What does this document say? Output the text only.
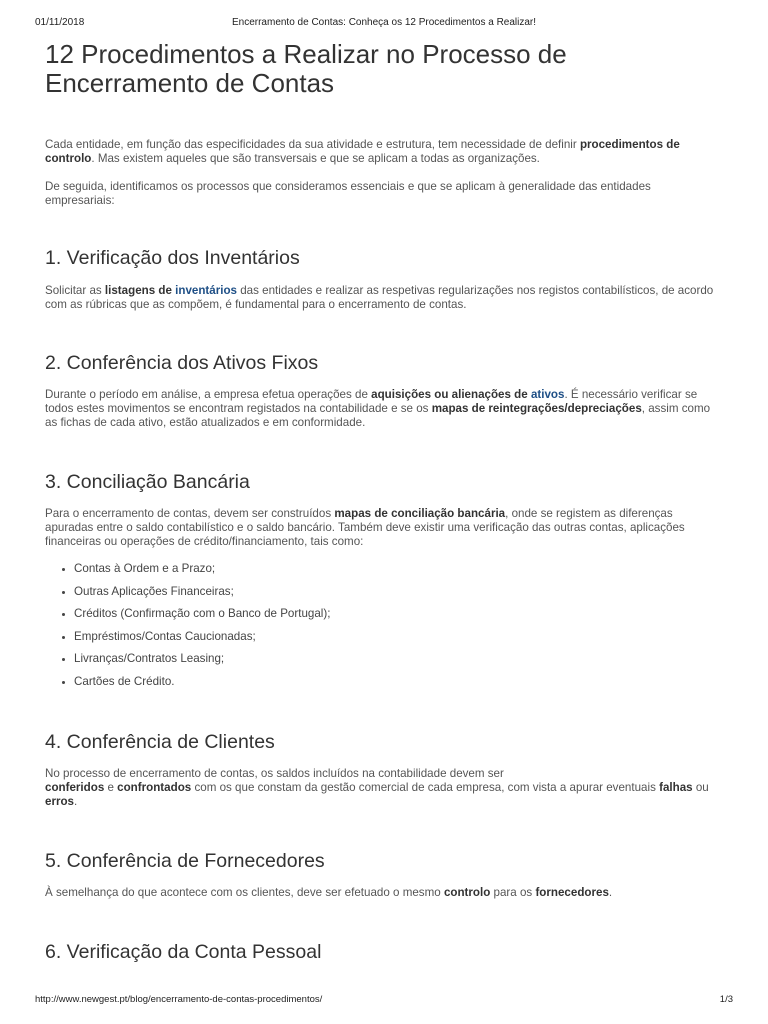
01/11/2018	Encerramento de Contas: Conheça os 12 Procedimentos a Realizar!
12 Procedimentos a Realizar no Processo de
Encerramento de Contas

Cada entidade, em função das especificidades da sua atividade e estrutura, tem necessidade de definir procedimentos de controlo. Mas existem aqueles que são transversais e que se aplicam a todas as organizações.

De seguida, identificamos os processos que consideramos essenciais e que se aplicam à generalidade das entidades empresariais:

1. Verificação dos Inventários

Solicitar as listagens de inventários das entidades e realizar as respetivas regularizações nos registos contabilísticos, de acordo com as rúbricas que as compõem, é fundamental para o encerramento de contas.

2. Conferência dos Ativos Fixos

Durante o período em análise, a empresa efetua operações de aquisições ou alienações de ativos. É necessário verificar se todos estes movimentos se encontram registados na contabilidade e se os mapas de reintegrações/depreciações, assim como as fichas de cada ativo, estão atualizados e em conformidade.

3. Conciliação Bancária

Para o encerramento de contas, devem ser construídos mapas de conciliação bancária, onde se registem as diferenças apuradas entre o saldo contabilístico e o saldo bancário. Também deve existir uma verificação das outras contas, aplicações financeiras ou operações de crédito/financiamento, tais como:

• Contas à Ordem e a Prazo;
• Outras Aplicações Financeiras;
• Créditos (Confirmação com o Banco de Portugal);
• Empréstimos/Contas Caucionadas;
• Livranças/Contratos Leasing;
• Cartões de Crédito.
4. Conferência de Clientes

No processo de encerramento de contas, os saldos incluídos na contabilidade devem ser

conferidos e confrontados com os que constam da gestão comercial de cada empresa, com vista a apurar eventuais falhas ou erros.

5. Conferência de Fornecedores

À semelhança do que acontece com os clientes, deve ser efetuado o mesmo controlo para os fornecedores.

6. Verificação da Conta Pessoal
http://www.newgest.pt/blog/encerramento-de-contas-procedimentos/	1/3
